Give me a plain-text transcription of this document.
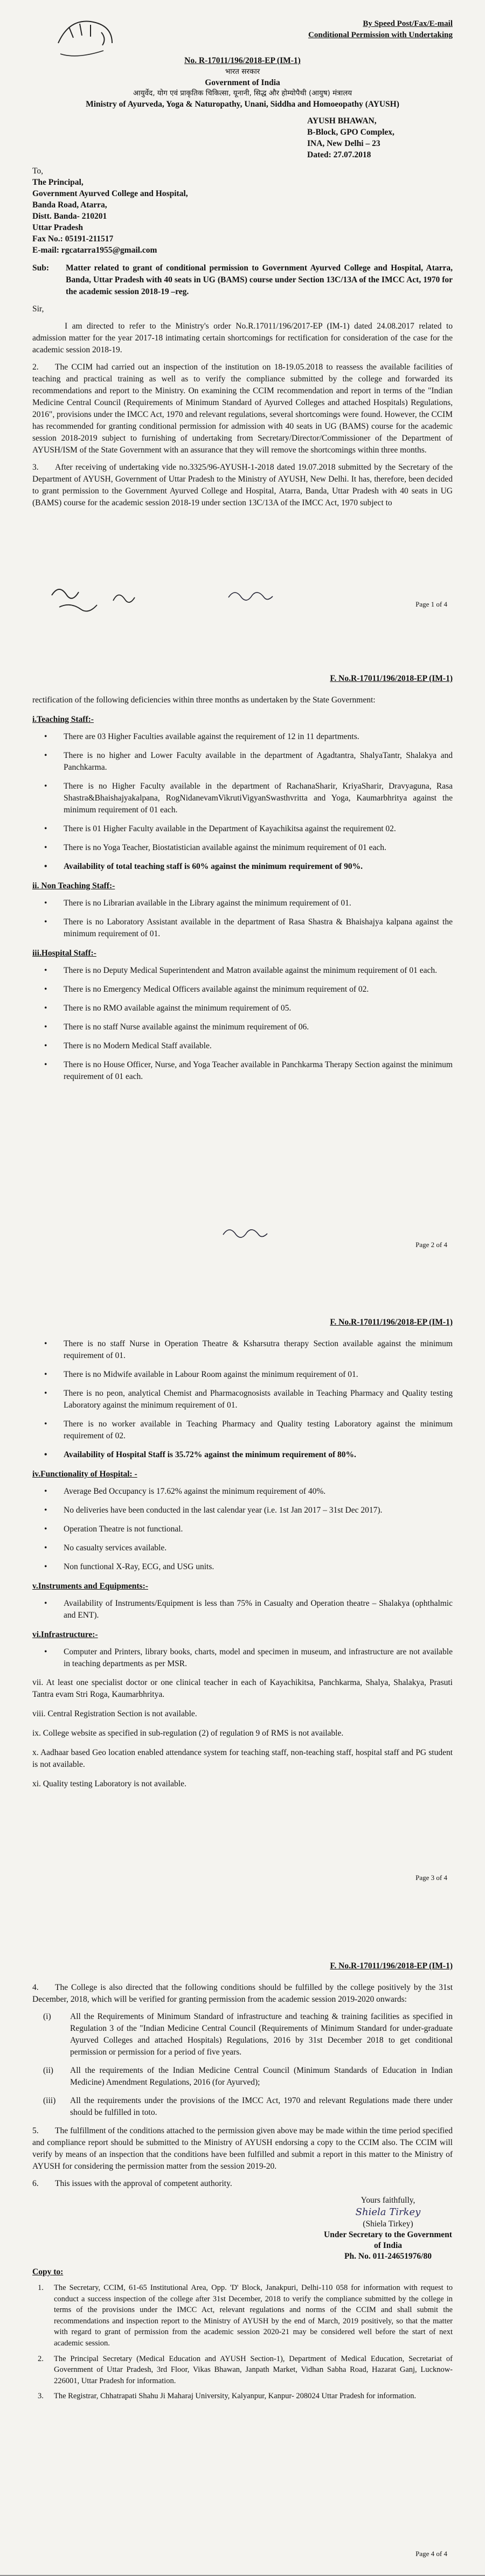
By Speed Post/Fax/E-mail
Conditional Permission with Undertaking
No. R-17011/196/2018-EP (IM-1)
भारत सरकार
Government of India
आयुर्वेद, योग एवं प्राकृतिक चिकित्सा, यूनानी, सिद्ध और होम्योपैथी (आयुष) मंत्रालय
Ministry of Ayurveda, Yoga & Naturopathy, Unani, Siddha and Homoeopathy (AYUSH)
AYUSH BHAWAN,
B-Block, GPO Complex,
INA, New Delhi – 23
Dated: 27.07.2018
To,
The Principal,
Government Ayurved College and Hospital,
Banda Road, Atarra,
Distt. Banda- 210201
Uttar Pradesh
Fax No.: 05191-211517
E-mail: rgcatarra1955@gmail.com
Sub:	Matter related to grant of conditional permission to Government Ayurved College and Hospital, Atarra, Banda, Uttar Pradesh with 40 seats in UG (BAMS) course under Section 13C/13A of the IMCC Act, 1970 for the academic session 2018-19 –reg.

Sir,

I am directed to refer to the Ministry's order No.R.17011/196/2017-EP (IM-1) dated 24.08.2017 related to admission matter for the year 2017-18 intimating certain shortcomings for rectification for consideration of the case for the academic session 2018-19.

2. The CCIM had carried out an inspection of the institution on 18-19.05.2018 to reassess the available facilities of teaching and practical training as well as to verify the compliance submitted by the college and forwarded its recommendations and report to the Ministry. On examining the CCIM recommendation and report in terms of the "Indian Medicine Central Council (Requirements of Minimum Standard of Ayurved Colleges and attached Hospitals) Regulations, 2016", provisions under the IMCC Act, 1970 and relevant regulations, several shortcomings were found. However, the CCIM has recommended for granting conditional permission for admission with 40 seats in UG (BAMS) course for the academic session 2018-2019 subject to furnishing of undertaking from Secretary/Director/Commissioner of the Department of AYUSH/ISM of the State Government with an assurance that they will remove the shortcomings within three months.

3. After receiving of undertaking vide no.3325/96-AYUSH-1-2018 dated 19.07.2018 submitted by the Secretary of the Department of AYUSH, Government of Uttar Pradesh to the Ministry of AYUSH, New Delhi. It has, therefore, been decided to grant permission to the Government Ayurved College and Hospital, Atarra, Banda, Uttar Pradesh with 40 seats in UG (BAMS) course for the academic session 2018-19 under section 13C/13A of the IMCC Act, 1970 subject to

Page 1 of 4
F. No.R-17011/196/2018-EP (IM-1)

rectification of the following deficiencies within three months as undertaken by the State Government:

i.Teaching Staff:-
• There are 03 Higher Faculties available against the requirement of 12 in 11 departments.
• There is no higher and Lower Faculty available in the department of Agadtantra, ShalyaTantr, Shalakya and Panchkarma.
• There is no Higher Faculty available in the department of RachanaSharir, KriyaSharir, Dravyaguna, Rasa Shastra&Bhaishajyakalpana, RogNidanevamVikrutiVigyanSwasthvritta and Yoga, Kaumarbhritya against the minimum requirement of 01 each.
• There is 01 Higher Faculty available in the Department of Kayachikitsa against the requirement 02.
• There is no Yoga Teacher, Biostatistician available against the minimum requirement of 01 each.
• Availability of total teaching staff is 60% against the minimum requirement of 90%.
ii. Non Teaching Staff:-
• There is no Librarian available in the Library against the minimum requirement of 01.
• There is no Laboratory Assistant available in the department of Rasa Shastra & Bhaishajya kalpana against the minimum requirement of 01.
iii.Hospital Staff:-
• There is no Deputy Medical Superintendent and Matron available against the minimum requirement of 01 each.
• There is no Emergency Medical Officers available against the minimum requirement of 02.
• There is no RMO available against the minimum requirement of 05.
• There is no staff Nurse available against the minimum requirement of 06.
• There is no Modern Medical Staff available.
• There is no House Officer, Nurse, and Yoga Teacher available in Panchkarma Therapy Section against the minimum requirement of 01 each.
Page 2 of 4
F. No.R-17011/196/2018-EP (IM-1)
• There is no staff Nurse in Operation Theatre & Ksharsutra therapy Section available against the minimum requirement of 01.
• There is no Midwife available in Labour Room against the minimum requirement of 01.
• There is no peon, analytical Chemist and Pharmacognosists available in Teaching Pharmacy and Quality testing Laboratory against the minimum requirement of 01.
• There is no worker available in Teaching Pharmacy and Quality testing Laboratory against the minimum requirement of 02.
• Availability of Hospital Staff is 35.72% against the minimum requirement of 80%.
iv.Functionality of Hospital: -
• Average Bed Occupancy is 17.62% against the minimum requirement of 40%.
• No deliveries have been conducted in the last calendar year (i.e. 1st Jan 2017 – 31st Dec 2017).
• Operation Theatre is not functional.
• No casualty services available.
• Non functional X-Ray, ECG, and USG units.
v.Instruments and Equipments:-
• Availability of Instruments/Equipment is less than 75% in Casualty and Operation theatre – Shalakya (ophthalmic and ENT).
vi.Infrastructure:-
• Computer and Printers, library books, charts, model and specimen in museum, and infrastructure are not available in teaching departments as per MSR.
vii. At least one specialist doctor or one clinical teacher in each of Kayachikitsa, Panchkarma, Shalya, Shalakya, Prasuti Tantra evam Stri Roga, Kaumarbhritya.
viii. Central Registration Section is not available.
ix. College website as specified in sub-regulation (2) of regulation 9 of RMS is not available.
x. Aadhaar based Geo location enabled attendance system for teaching staff, non-teaching staff, hospital staff and PG student is not available.
xi. Quality testing Laboratory is not available.
Page 3 of 4
F. No.R-17011/196/2018-EP (IM-1)

4. The College is also directed that the following conditions should be fulfilled by the college positively by the 31st December, 2018, which will be verified for granting permission from the academic session 2019-2020 onwards:

(i) All the Requirements of Minimum Standard of infrastructure and teaching & training facilities as specified in Regulation 3 of the "Indian Medicine Central Council (Requirements of Minimum Standard for under-graduate Ayurved Colleges and attached Hospitals) Regulations, 2016 by 31st December 2018 to get conditional permission or permission for a period of five years.
(ii) All the requirements of the Indian Medicine Central Council (Minimum Standards of Education in Indian Medicine) Amendment Regulations, 2016 (for Ayurved);
(iii) All the requirements under the provisions of the IMCC Act, 1970 and relevant Regulations made there under should be fulfilled in toto.

5. The fulfillment of the conditions attached to the permission given above may be made within the time period specified and compliance report should be submitted to the Ministry of AYUSH endorsing a copy to the CCIM also. The CCIM will verify by means of an inspection that the conditions have been fulfilled and submit a report in this matter to the Ministry of AYUSH for considering the permission matter from the session 2019-20.

6. This issues with the approval of competent authority.

Yours faithfully,
Shiela Tirkey
(Shiela Tirkey)
Under Secretary to the Government of India
Ph. No. 011-24651976/80
Copy to:
1. The Secretary, CCIM, 61-65 Institutional Area, Opp. 'D' Block, Janakpuri, Delhi-110 058 for information with request to conduct a success inspection of the college after 31st December, 2018 to verify the compliance submitted by the college in terms of the provisions under the IMCC Act, relevant regulations and norms of the CCIM and shall submit the recommendations and inspection report to the Ministry of AYUSH by the end of March, 2019 positively, so that the matter with regard to grant of permission from the academic session 2020-21 may be considered well before the start of next academic session.
2. The Principal Secretary (Medical Education and AYUSH Section-1), Department of Medical Education, Secretariat of Government of Uttar Pradesh, 3rd Floor, Vikas Bhawan, Janpath Market, Vidhan Sabha Road, Hazarat Ganj, Lucknow-226001, Uttar Pradesh for information.
3. The Registrar, Chhatrapati Shahu Ji Maharaj University, Kalyanpur, Kanpur- 208024 Uttar Pradesh for information.
Page 4 of 4
